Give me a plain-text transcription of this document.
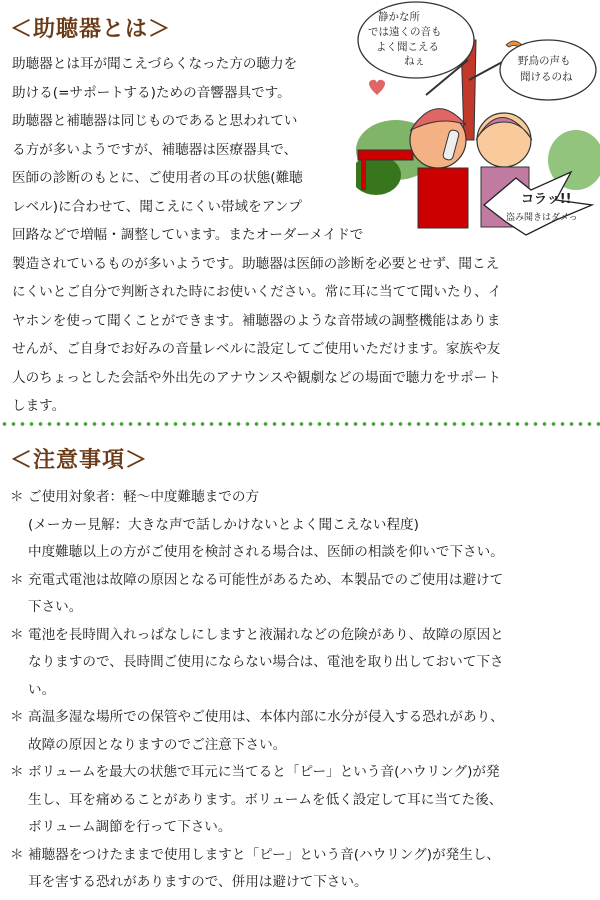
＜助聴器とは＞
助聴器とは耳が聞こえづらくなった方の聴力を
助ける(=サポートする)ための音響器具です。
助聴器と補聴器は同じものであると思われてい
る方が多いようですが、補聴器は医療器具で、
医師の診断のもとに、ご使用者の耳の状態(難聴
レベル)に合わせて、聞こえにくい帯域をアンプ
回路などで増幅・調整しています。またオーダーメイドで
製造されているものが多いようです。助聴器は医師の診断を必要とせず、聞こえ
にくいとご自分で判断された時にお使いください。常に耳に当てて聞いたり、イ
ヤホンを使って聞くことができます。補聴器のような音帯域の調整機能はありま
せんが、ご自身でお好みの音量レベルに設定してご使用いただけます。家族や友
人のちょっとした会話や外出先のアナウンスや観劇などの場面で聴力をサポート
します。
静かな所 では遠くの音も よく聞こえる ねぇ	野鳥の声も 聞けるのね
コラッ!! 盗み聞きはダメっ
＜注意事項＞
＊ ご使用対象者：軽～中度難聴までの方
(メーカー見解：大きな声で話しかけないとよく聞こえない程度)
中度難聴以上の方がご使用を検討される場合は、医師の相談を仰いで下さい。
＊ 充電式電池は故障の原因となる可能性があるため、本製品でのご使用は避けて
下さい。
＊ 電池を長時間入れっぱなしにしますと液漏れなどの危険があり、故障の原因と
なりますので、長時間ご使用にならない場合は、電池を取り出しておいて下さ
い。
＊ 高温多湿な場所での保管やご使用は、本体内部に水分が侵入する恐れがあり、
故障の原因となりますのでご注意下さい。
＊ ボリュームを最大の状態で耳元に当てると「ピー」という音(ハウリング)が発
生し、耳を痛めることがあります。ボリュームを低く設定して耳に当てた後、
ボリューム調節を行って下さい。
＊ 補聴器をつけたままで使用しますと「ピー」という音(ハウリング)が発生し、
耳を害する恐れがありますので、併用は避けて下さい。
